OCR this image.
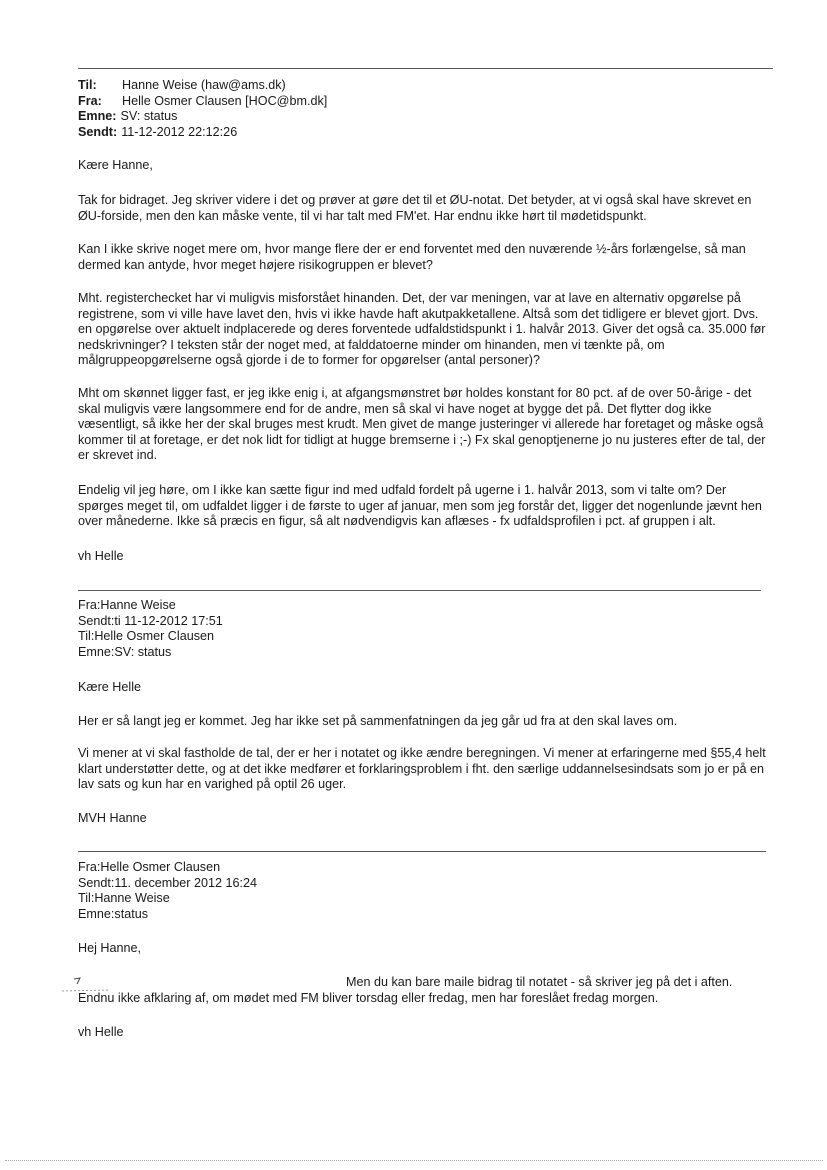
Til:	Hanne Weise (haw@ams.dk)
Fra:	Helle Osmer Clausen [HOC@bm.dk]
Emne: SV: status
Sendt: 11-12-2012 22:12:26

Kære Hanne,

Tak for bidraget. Jeg skriver videre i det og prøver at gøre det til et ØU-notat. Det betyder, at vi også skal have skrevet en ØU-forside, men den kan måske vente, til vi har talt med FM'et. Har endnu ikke hørt til mødetidspunkt.

Kan I ikke skrive noget mere om, hvor mange flere der er end forventet med den nuværende ½-års forlængelse, så man dermed kan antyde, hvor meget højere risikogruppen er blevet?

Mht. registerchecket har vi muligvis misforstået hinanden. Det, der var meningen, var at lave en alternativ opgørelse på registrene, som vi ville have lavet den, hvis vi ikke havde haft akutpakketallene. Altså som det tidligere er blevet gjort. Dvs. en opgørelse over aktuelt indplacerede og deres forventede udfaldstidspunkt i 1. halvår 2013. Giver det også ca. 35.000 før nedskrivninger? I teksten står der noget med, at falddatoerne minder om hinanden, men vi tænkte på, om målgruppeopgørelserne også gjorde i de to former for opgørelser (antal personer)?

Mht om skønnet ligger fast, er jeg ikke enig i, at afgangsmønstret bør holdes konstant for 80 pct. af de over 50-årige - det skal muligvis være langsommere end for de andre, men så skal vi have noget at bygge det på. Det flytter dog ikke væsentligt, så ikke her der skal bruges mest krudt. Men givet de mange justeringer vi allerede har foretaget og måske også kommer til at foretage, er det nok lidt for tidligt at hugge bremserne i ;-) Fx skal genoptjenerne jo nu justeres efter de tal, der er skrevet ind.

Endelig vil jeg høre, om I ikke kan sætte figur ind med udfald fordelt på ugerne i 1. halvår 2013, som vi talte om? Der spørges meget til, om udfaldet ligger i de første to uger af januar, men som jeg forstår det, ligger det nogenlunde jævnt hen over månederne. Ikke så præcis en figur, så alt nødvendigvis kan aflæses - fx udfaldsprofilen i pct. af gruppen i alt.

vh Helle

Fra:Hanne Weise
Sendt:ti 11-12-2012 17:51
Til:Helle Osmer Clausen
Emne:SV: status

Kære Helle

Her er så langt jeg er kommet. Jeg har ikke set på sammenfatningen da jeg går ud fra at den skal laves om.

Vi mener at vi skal fastholde de tal, der er her i notatet og ikke ændre beregningen. Vi mener at erfaringerne med §55,4 helt klart understøtter dette, og at det ikke medfører et forklaringsproblem i fht. den særlige uddannelsesindsats som jo er på en lav sats og kun har en varighed på optil 26 uger.

MVH Hanne

Fra:Helle Osmer Clausen
Sendt:11. december 2012 16:24
Til:Hanne Weise
Emne:status

Hej Hanne,

Men du kan bare maile bidrag til notatet - så skriver jeg på det i aften.

Endnu ikke afklaring af, om mødet med FM bliver torsdag eller fredag, men har foreslået fredag morgen.

vh Helle
